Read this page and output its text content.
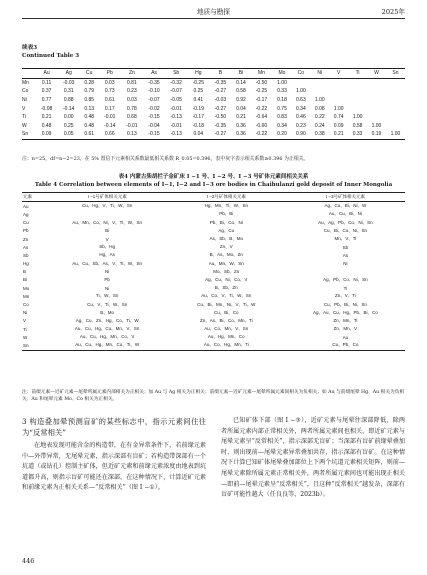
地质与勘探	2025年
续表3
Continued Table 3
	Au	Ag	Cu	Pb	Zn	As	Sb	Hg	B	Bi	Mn	Mo	Co	Ni	V	Ti	W	Sn
Mn	0.11	-0.03	0.28	0.03	0.81	-0.35	-0.32	-0.25	-0.35	0.14	-0.50	1.00						
Co	0.37	0.31	0.79	0.73	0.23	-0.10	-0.07	0.25	-0.27	0.58	-0.25	0.33	1.00					
Ni	0.77	0.88	0.85	0.61	0.03	-0.07	-0.05	0.41	-0.03	0.92	-0.17	0.18	0.63	1.00				
V	-0.08	-0.14	0.13	0.17	0.78	-0.02	-0.01	-0.19	-0.27	0.04	-0.22	0.75	0.34	0.08	1.00			
Ti	0.21	0.00	0.48	-0.01	0.68	-0.15	-0.13	-0.17	-0.50	0.21	-0.64	0.83	0.46	0.22	0.74	1.00		
W	0.48	0.25	0.48	-0.14	-0.01	-0.04	-0.01	-0.18	-0.35	0.36	-0.60	0.34	0.23	0.24	0.09	0.58	1.00	
Sn	0.09	0.05	0.61	0.66	0.13	-0.15	-0.13	0.04	-0.27	0.36	-0.22	0.20	0.90	0.38	0.21	0.33	0.19	1.00
注：n=25，df=n−2=23，在 5% 置信下元素相关系数最低相关系数 R_0.05=0.396，表中灰字表示相关系数≥0.396 为正相关。
表4 内蒙古柴胡栏子金矿床 I −1 号、I −2 号、I −3 号矿体元素间相关关系
Table 4 Correlation between elements of I−1, I−2 and I−3 ore bodies in Chaihulanzi gold deposit of Inner Mongolia
元素	I −1号矿体相关元素	I −2号矿体相关元素	I −3号矿体相关元素
Au	Cu、Hg、V、Ti、W、Sn	Hg、Mn、Ti、W、Sn	Ag、Cu、Bi、Ni、W
Ag		Pb、Bi	Au、Cu、Bi、Ni
Cu	Au、Mn、Co、Ni、V、Ti、W、Sn	Pb、Bi、Co、Ni	Au、Ag、Pb、Co、Ni、Sn
Pb	Bi	Ag、Cu	Cu、Bi、Co、Ni、Sn
Zn	V	As、Sb、B、Mo	Mn、V、Ti
As	Sb、Hg	Zn、V	Sb
Sb	Hg、As	B、As、Mo、Zn	As
Hg	Au、Cu、Sb、As、V、Ti、W、Sn	Au、Mn、W、Sn	Ni
B	Ni	Mo、Sb、Zn	
Bi	Pb	Ag、Cu、Ni、Co、V	Ag、Pb、Co、Ni、Sn
Mo	Ni	B、Sb、Zn	Ti
Mn	Ti、W、Sn	Au、Co、V、Ti、W、Sn	Zn、V、Ti
Co	Cu、V、Ti、W、Sn	Cu、Bi、Mn、Ni、V、Ti、W	Cu、Pb、Bi、Ni、Sn
Ni	B、Mo	Cu、Bi、Co	Ag、Au、Cu、Hg、Pb、Bi、Co
V	Ag、Cu、Zn、Hg、Co、Ti、W	Zn、As、Bi、Co、Mn、Ti	Zn、Mn、Ti
Ti	Au、Cu、Hg、Co、Mn、V、Sn	Au、Co、Mn、V、Sn	Zn、Mn、V
W	Au、Cu、Hg、Mn、Co、V	Au、Hg、Mn、Co	Au
Sn	Au、Cu、Hg、Mn、Co、Ti、W	Au、Co、Hg、Mn、Ti	Cu、Pb、Co
注：前缀元素—近矿元素—尾晕所属元素内部相关为正相关；加 Au 与 Ag 相关为正相关；前缀元素—近矿元素—尾晕所属元素间相关为负相关；如 Au 与前缀尾晕 Hg、Au 相关为负相关；Au 和尾晕元素 Mo、Co 相关为正相关。
3 构造叠加晕预测盲矿的某些标志中，指示元素间住往为“反常相关”

在地表发现可能含金的构造带，在有金异常条件下，若前缘元素中—外带异常，无尾晕元素，指示深部有盲矿；若构造带深部有一个坑道（或钻孔）控制主矿体，但近矿元素和前缘元素浓度由地表到坑道都升高，则指示盲矿可能还在深部。在这种情况下，计算近矿元素和前缘元素为正相关关系—“反常相关”（图 I −①）。

已知矿体下部（图 I −③），近矿元素与尾晕往深部降低，除两者所属元素内部正常相关外，两者所属元素间也相关，即近矿元素与尾晕元素呈“反常相关”，指示深部无盲矿；当深部有盲矿前缘晕叠加时，则出现前—尾晕元素异常叠加共存，指示深部有盲矿。在这种情况下计算已知矿体尾晕叠加部位上下两个坑道元素相关矩阵，则前—尾晕元素除所属元素正常相关外，两者所属元素间也可能出现正相关—即前—尾晕元素呈“反常相关”，且这种“反常相关”越发杂，深部有盲矿可能性越大（任良良等，2023b）。

446
